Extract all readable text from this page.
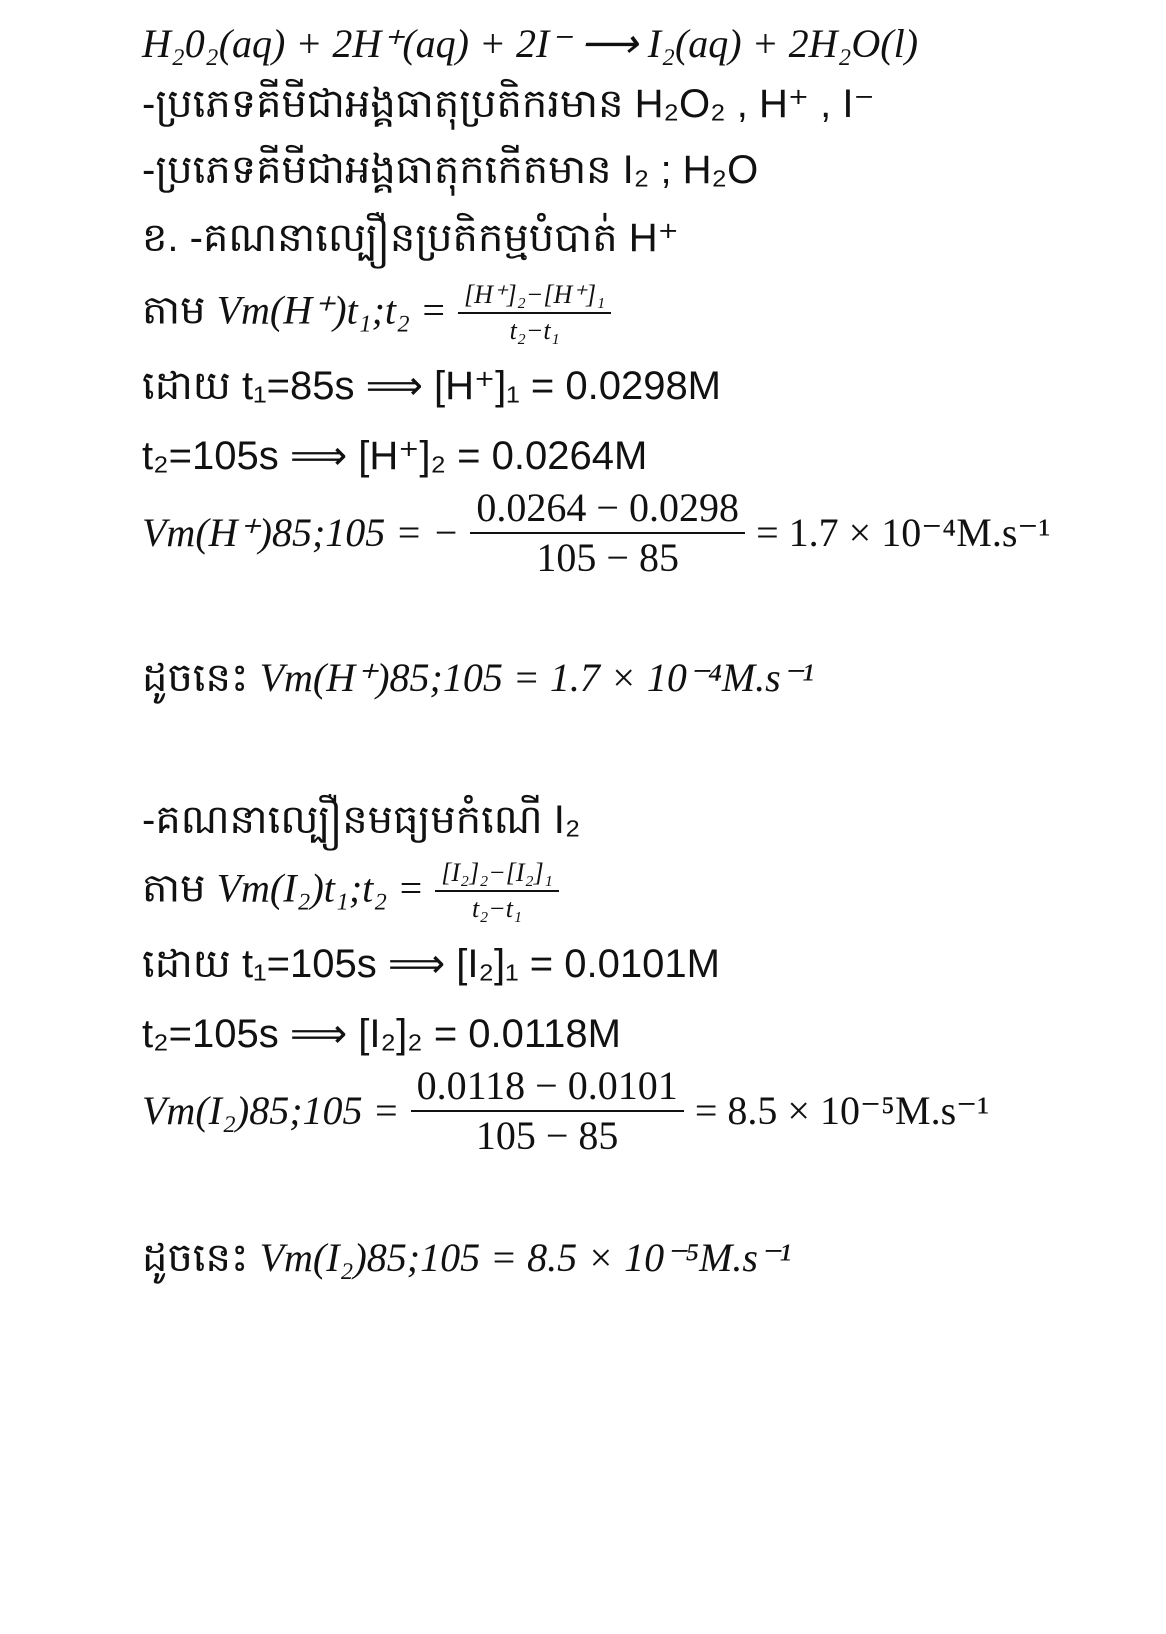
H₂0₂(aq) + 2H⁺(aq) + 2I⁻ ⟶ I₂(aq) + 2H₂O(l)
-ប្រភេទគីមីជាអង្គធាតុប្រតិករមាន H₂O₂ , H⁺ , I⁻
-ប្រភេទគីមីជាអង្គធាតុកកើតមាន I₂ ; H₂O
ខ. -គណនាល្បឿនប្រតិកម្មបំបាត់ H⁺
តាម Vm(H⁺)t₁;t₂ = $\frac{\text{[H⁺]₂−[H⁺]₁}}{\text{t₂−t₁}}$
ដោយ t₁=85s ⟹ [H⁺]₁ = 0.0298M
t₂=105s ⟹ [H⁺]₂ = 0.0264M
Vm(H⁺)85;105 = − $\frac{0.0264 - 0.0298}{105 - 85} = 1.7 \times 10^{-4}M.s^{-1}$
ដូចនេះ Vm(H⁺)85;105 = 1.7 × 10⁻⁴M.s⁻¹
-គណនាល្បឿនមធ្យមកំណើ I₂
តាម Vm(I₂)t₁;t₂ = $\frac{\text{[I₂]₂−[I₂]₁}}{\text{t₂−t₁}}$
ដោយ t₁=105s ⟹ [I₂]₁ = 0.0101M
t₂=105s ⟹ [I₂]₂ = 0.0118M
Vm(I₂)85;105 = $\frac{0.0118 - 0.0101}{105 - 85} = 8.5 \times 10^{-5}M.s^{-1}$
ដូចនេះ Vm(I₂)85;105 = 8.5 × 10⁻⁵M.s⁻¹
